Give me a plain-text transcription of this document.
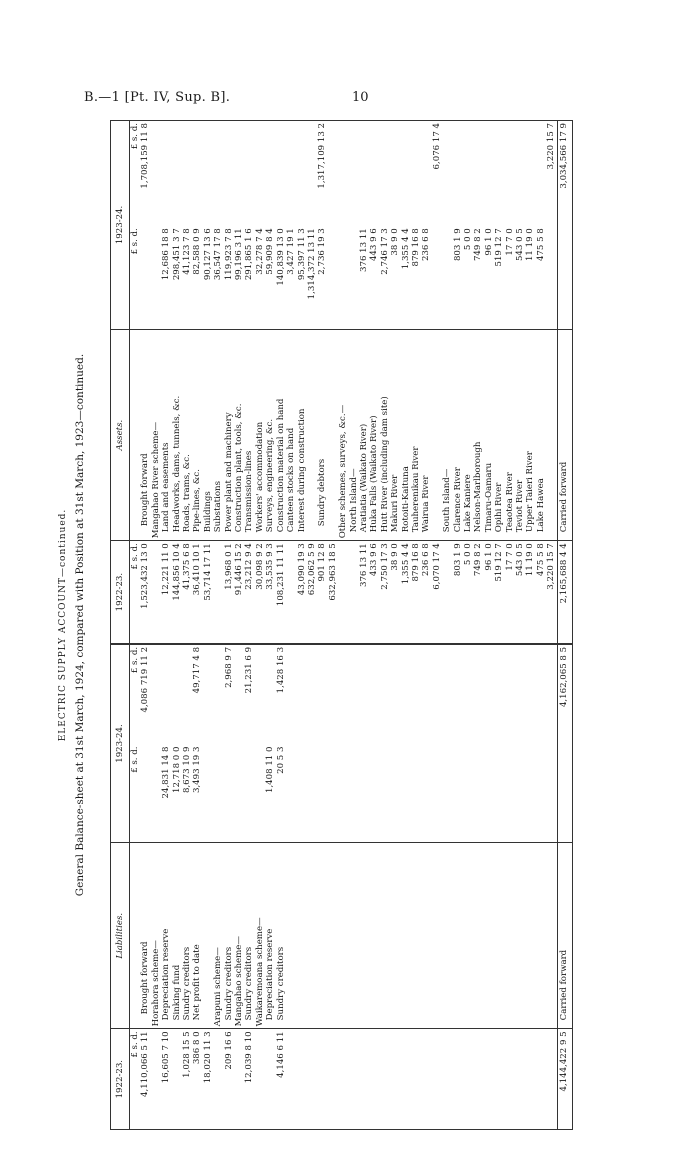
B.—1 [Pt. IV, Sup. B].	10
ELECTRIC SUPPLY ACCOUNT—continued. General Balance-sheet at 31st March, 1924, compared with Position at 31st March, 1923—continued.
1922-23.	Liabilities.	1923-24.		1922-23.	Assets.	1923-24.	
£ s. d.		£ s. d.	£ s. d.	£ s. d.		£ s. d.	£ s. d.
4,110,066 5 11	Brought forward		4,086 719 11 2	1,523,432 13 0	Brought forward		1,708,159 11 8
	Horahora scheme—				Mangahao River scheme—		
16,605 7 10	Depreciation reserve	24,831 14 8		12,221 11 0	Land and easements	12,686 18 8	
	Sinking fund	12,718 0 0		144,856 10 4	Headworks, dams, tunnels, &c.	298,451 3 7	
1,028 15 5	Sundry creditors	8,673 10 9		41,375 6 8	Roads, trams, &c.	41,123 7 8	
386 8 0	Net profit to date	3,493 19 3	49,717 4 8	36,410 10 1	Pipe-lines, &c.	82,588 0 9	
18,020 11 3				53,714 17 11	Buildings	90,127 13 6	
	Arapuni scheme—				Substations	36,547 17 8	
209 16 6	Sundry creditors		2,968 9 7	13,968 0 1	Power plant and machinery	119,923 7 8	
	Mangahao scheme—			91,446 15 2	Construction plant, tools, &c.	99,196 3 11	
12,039 8 10	Sundry creditors		21,231 6 9	23,212 9 4	Transmission-lines	291,865 1 6	
	Waikaremoana scheme—			30,098 9 2	Workers' accommodation	32,278 7 4	
	Depreciation reserve	1,408 11 0		33,535 9 3	Surveys, engineering, &c.	59,909 8 4	
4,146 6 11	Sundry creditors	20 5 3	1,428 16 3	108,231 11 11	Construction material on hand	140,839 13 0	
					Canteen stocks on hand	3,427 19 1	
				43,090 19 3	Interest during construction	95,397 11 3	
				632,062 5 9		1,314,372 13 11	
				901 12 8	Sundry debtors	2,736 19 3	1,317,109 13 2
				632,963 18 5			
					Other schemes, surveys, &c.—		
					North Island—		
				376 13 11	Aratiatia (Waikato River)	376 13 11	
				433 9 6	Huka Falls (Waikato River)	443 9 6	
				2,750 17 3	Hutt River (including dam site)	2,746 17 3	
				38 9 0	Makuri River	38 9 0	
				1,355 4 4	Rotoiti-Kaituna	1,355 4 4	
				879 16 8	Tauherenikau River	879 16 8	
				236 6 8	Wairua River	236 6 8	
				6,070 17 4			6,076 17 4
					South Island—		
				803 1 9	Clarence River	803 1 9	
				5 0 0	Lake Kaniere	5 0 0	
				749 8 2	Nelson-Marlborough	749 8 2	
				96 1 0	Timaru-Oamaru	96 1 0	
				519 12 7	Opihi River	519 12 7	
				17 7 0	Teaotea River	17 7 0	
				543 0 5	Teviot River	543 0 5	
				11 19 0	Upper Taieri River	11 19 0	
				475 5 8	Lake Hawea	475 5 8	
				3,220 15 7			3,220 15 7
4,144,422 9 5	Carried forward		4,162,065 8 5	2,165,688 4 4	Carried forward		3,034,566 17 9
